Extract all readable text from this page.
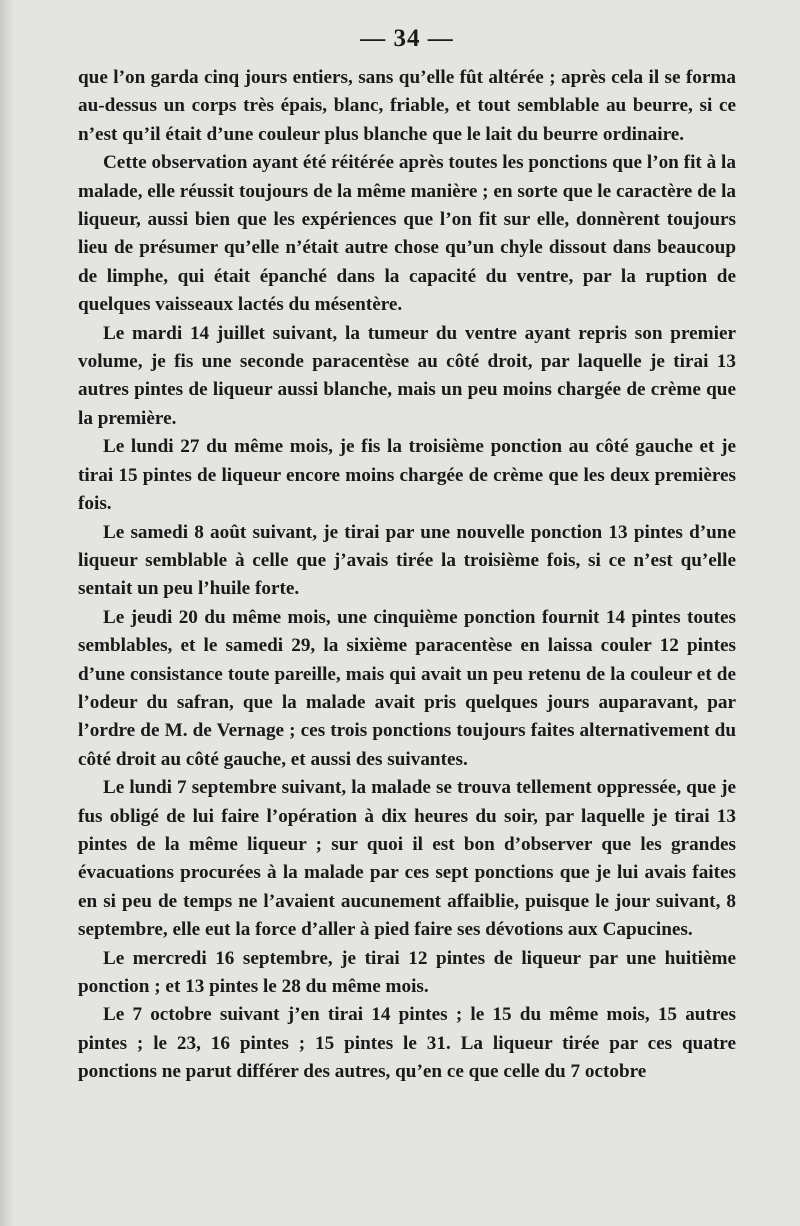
— 34 —

que l’on garda cinq jours entiers, sans qu’elle fût altérée ; après cela il se forma au-dessus un corps très épais, blanc, friable, et tout semblable au beurre, si ce n’est qu’il était d’une couleur plus blanche que le lait du beurre ordinaire.

Cette observation ayant été réitérée après toutes les ponctions que l’on fit à la malade, elle réussit toujours de la même manière ; en sorte que le caractère de la liqueur, aussi bien que les expériences que l’on fit sur elle, donnèrent toujours lieu de présumer qu’elle n’était autre chose qu’un chyle dissout dans beaucoup de limphe, qui était épanché dans la capacité du ventre, par la ruption de quelques vaisseaux lactés du mésentère.

Le mardi 14 juillet suivant, la tumeur du ventre ayant repris son premier volume, je fis une seconde paracentèse au côté droit, par laquelle je tirai 13 autres pintes de liqueur aussi blanche, mais un peu moins chargée de crème que la première.

Le lundi 27 du même mois, je fis la troisième ponction au côté gauche et je tirai 15 pintes de liqueur encore moins chargée de crème que les deux premières fois.

Le samedi 8 août suivant, je tirai par une nouvelle ponction 13 pintes d’une liqueur semblable à celle que j’avais tirée la troisième fois, si ce n’est qu’elle sentait un peu l’huile forte.

Le jeudi 20 du même mois, une cinquième ponction fournit 14 pintes toutes semblables, et le samedi 29, la sixième paracentèse en laissa couler 12 pintes d’une consistance toute pareille, mais qui avait un peu retenu de la couleur et de l’odeur du safran, que la malade avait pris quelques jours auparavant, par l’ordre de M. de Vernage ; ces trois ponctions toujours faites alternativement du côté droit au côté gauche, et aussi des suivantes.

Le lundi 7 septembre suivant, la malade se trouva tellement oppressée, que je fus obligé de lui faire l’opération à dix heures du soir, par laquelle je tirai 13 pintes de la même liqueur ; sur quoi il est bon d’observer que les grandes évacuations procurées à la malade par ces sept ponctions que je lui avais faites en si peu de temps ne l’avaient aucunement affaiblie, puisque le jour suivant, 8 septembre, elle eut la force d’aller à pied faire ses dévotions aux Capucines.

Le mercredi 16 septembre, je tirai 12 pintes de liqueur par une huitième ponction ; et 13 pintes le 28 du même mois.

Le 7 octobre suivant j’en tirai 14 pintes ; le 15 du même mois, 15 autres pintes ; le 23, 16 pintes ; 15 pintes le 31. La liqueur tirée par ces quatre ponctions ne parut différer des autres, qu’en ce que celle du 7 octobre
